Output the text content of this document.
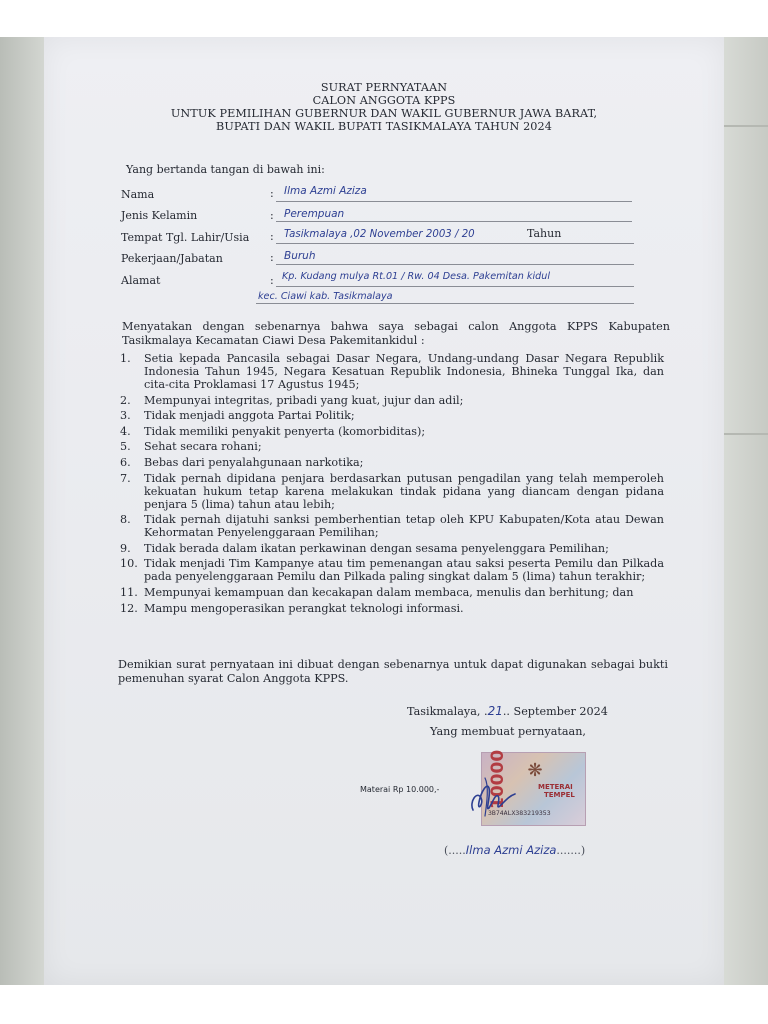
SURAT PERNYATAAN
CALON ANGGOTA KPPS
UNTUK PEMILIHAN GUBERNUR DAN WAKIL GUBERNUR JAWA BARAT,
BUPATI DAN WAKIL BUPATI TASIKMALAYA TAHUN 2024
Yang bertanda tangan di bawah ini:
Nama	: Ilma Azmi Aziza
Jenis Kelamin	: Perempuan
Tempat Tgl. Lahir/Usia : Tasikmalaya ,02 November 2003 / 20	Tahun
Pekerjaan/Jabatan	: Buruh
Alamat	: Kp. Kudang mulya Rt.01 / Rw. 04 Desa. Pakemitan kidul
kec. Ciawi kab. Tasikmalaya
Menyatakan dengan sebenarnya bahwa saya sebagai calon Anggota KPPS Kabupaten Tasikmalaya Kecamatan Ciawi Desa Pakemitankidul :
1. Setia kepada Pancasila sebagai Dasar Negara, Undang-undang Dasar Negara Republik Indonesia Tahun 1945, Negara Kesatuan Republik Indonesia, Bhineka Tunggal Ika, dan cita-cita Proklamasi 17 Agustus 1945;
2. Mempunyai integritas, pribadi yang kuat, jujur dan adil;
3. Tidak menjadi anggota Partai Politik;
4. Tidak memiliki penyakit penyerta (komorbiditas);
5. Sehat secara rohani;
6. Bebas dari penyalahgunaan narkotika;
7. Tidak pernah dipidana penjara berdasarkan putusan pengadilan yang telah memperoleh kekuatan hukum tetap karena melakukan tindak pidana yang diancam dengan pidana penjara 5 (lima) tahun atau lebih;
8. Tidak pernah dijatuhi sanksi pemberhentian tetap oleh KPU Kabupaten/Kota atau Dewan Kehormatan Penyelenggaraan Pemilihan;
9. Tidak berada dalam ikatan perkawinan dengan sesama penyelenggara Pemilihan;
10. Tidak menjadi Tim Kampanye atau tim pemenangan atau saksi peserta Pemilu dan Pilkada pada penyelenggaraan Pemilu dan Pilkada paling singkat dalam 5 (lima) tahun terakhir;
11. Mempunyai kemampuan dan kecakapan dalam membaca, menulis dan berhitung; dan
12. Mampu mengoperasikan perangkat teknologi informasi.
Demikian surat pernyataan ini dibuat dengan sebenarnya untuk dapat digunakan sebagai bukti pemenuhan syarat Calon Anggota KPPS.
Tasikmalaya, .21.. September 2024
Yang membuat pernyataan,
Materai Rp 10.000,-	10000 ❋
METERAI
TEMPEL
3B74ALX383219353
(.....Ilma Azmi Aziza.......)
